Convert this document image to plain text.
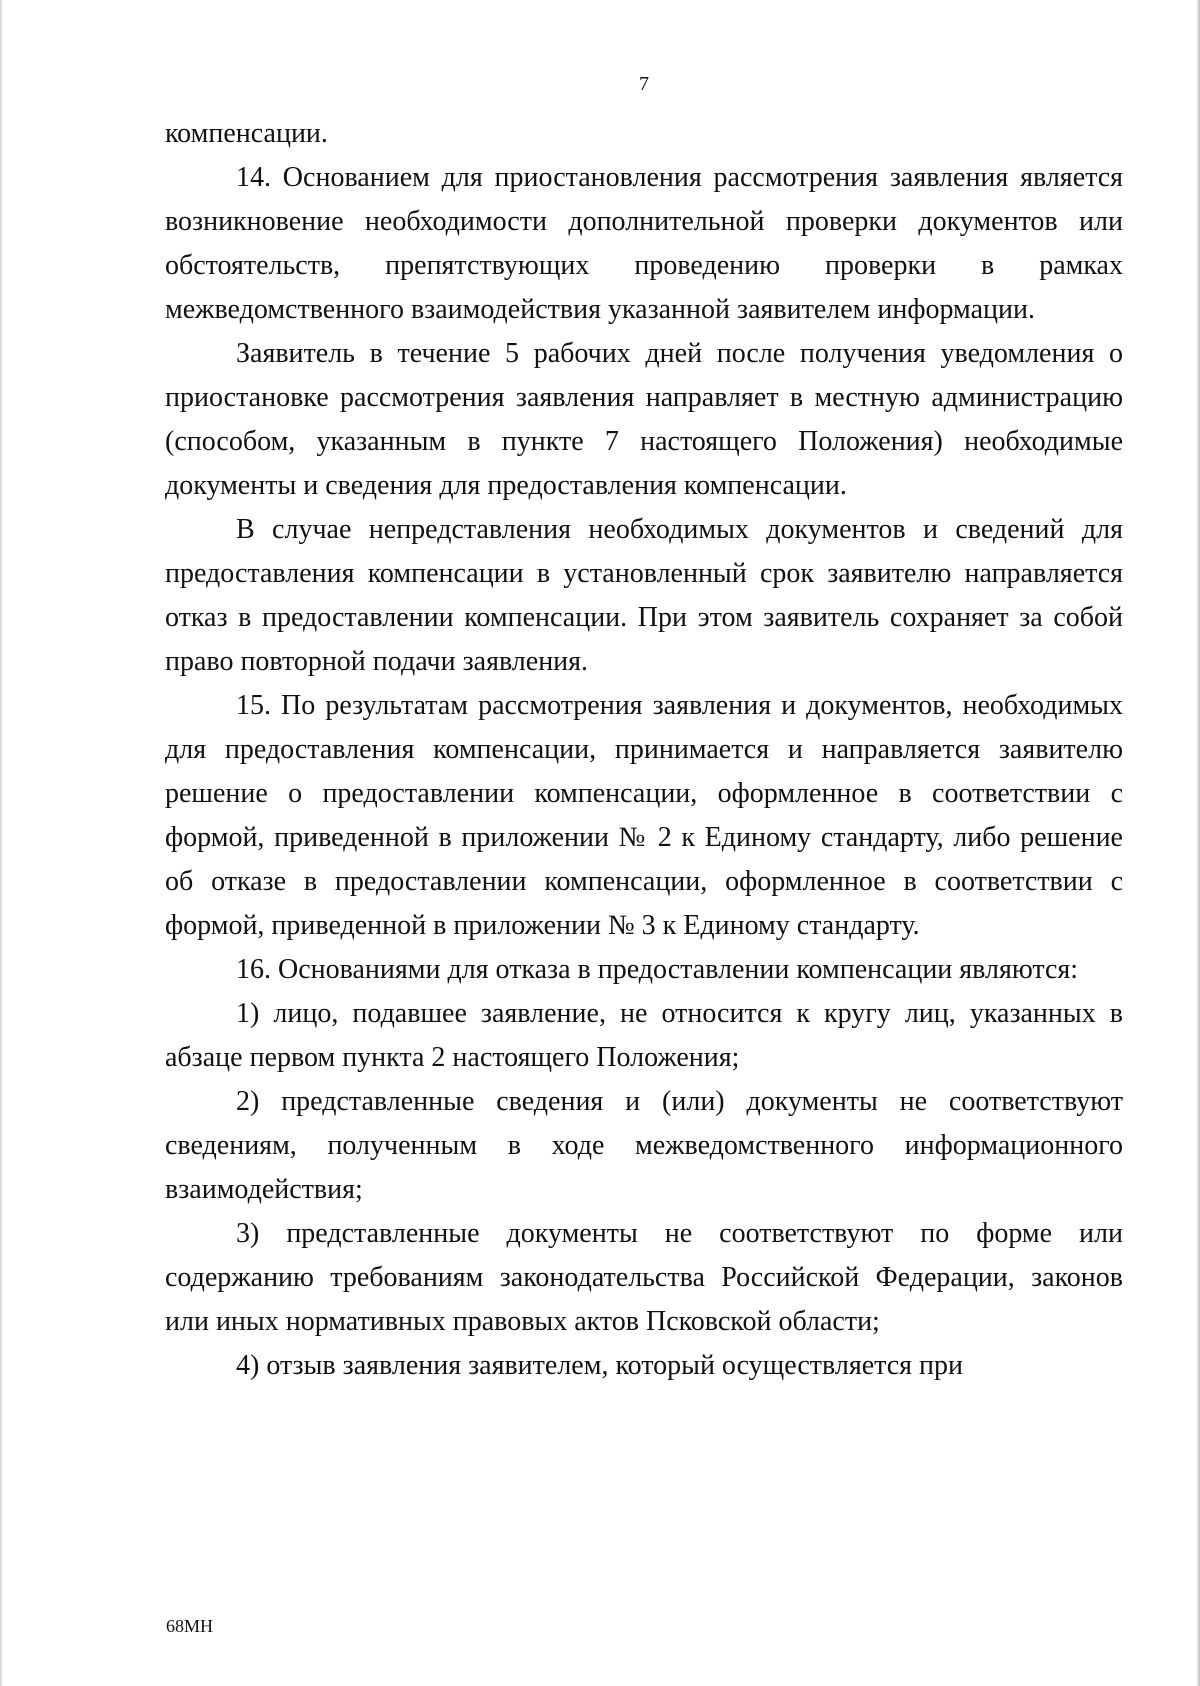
7

компенсации.

14. Основанием для приостановления рассмотрения заявления является возникновение необходимости дополнительной проверки документов или обстоятельств, препятствующих проведению проверки в рамках межведомственного взаимодействия указанной заявителем информации.

Заявитель в течение 5 рабочих дней после получения уведомления о приостановке рассмотрения заявления направляет в местную администрацию (способом, указанным в пункте 7 настоящего Положения) необходимые документы и сведения для предоставления компенсации.

В случае непредставления необходимых документов и сведений для предоставления компенсации в установленный срок заявителю направляется отказ в предоставлении компенсации. При этом заявитель сохраняет за собой право повторной подачи заявления.

15. По результатам рассмотрения заявления и документов, необходимых для предоставления компенсации, принимается и направляется заявителю решение о предоставлении компенсации, оформленное в соответствии с формой, приведенной в приложении № 2 к Единому стандарту, либо решение об отказе в предоставлении компенсации, оформленное в соответствии с формой, приведенной в приложении № 3 к Единому стандарту.

16. Основаниями для отказа в предоставлении компенсации являются:

1) лицо, подавшее заявление, не относится к кругу лиц, указанных в абзаце первом пункта 2 настоящего Положения;

2) представленные сведения и (или) документы не соответствуют сведениям, полученным в ходе межведомственного информационного взаимодействия;

3) представленные документы не соответствуют по форме или содержанию требованиям законодательства Российской Федерации, законов или иных нормативных правовых актов Псковской области;

4) отзыв заявления заявителем, который осуществляется при

68МН
